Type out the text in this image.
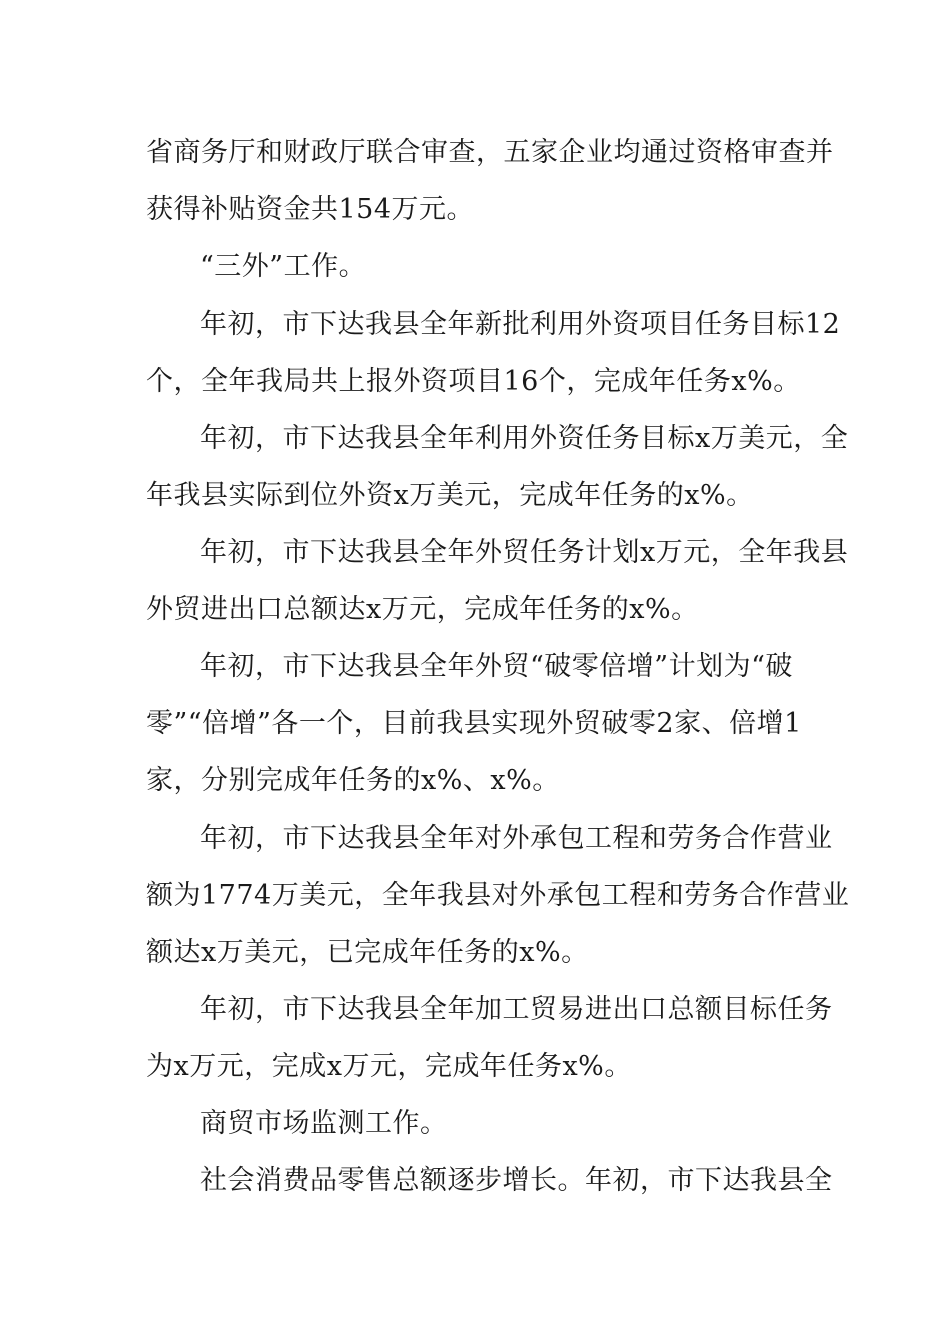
省商务厅和财政厅联合审查，五家企业均通过资格审查并
获得补贴资金共154万元。
“三外”工作。
年初，市下达我县全年新批利用外资项目任务目标12
个，全年我局共上报外资项目16个，完成年任务x%。
年初，市下达我县全年利用外资任务目标x万美元，全
年我县实际到位外资x万美元，完成年任务的x%。
年初，市下达我县全年外贸任务计划x万元，全年我县
外贸进出口总额达x万元，完成年任务的x%。
年初，市下达我县全年外贸“破零倍增”计划为“破
零”“倍增”各一个，目前我县实现外贸破零2家、倍增1
家，分别完成年任务的x%、x%。
年初，市下达我县全年对外承包工程和劳务合作营业
额为1774万美元，全年我县对外承包工程和劳务合作营业
额达x万美元，已完成年任务的x%。
年初，市下达我县全年加工贸易进出口总额目标任务
为x万元，完成x万元，完成年任务x%。
商贸市场监测工作。
社会消费品零售总额逐步增长。年初，市下达我县全
